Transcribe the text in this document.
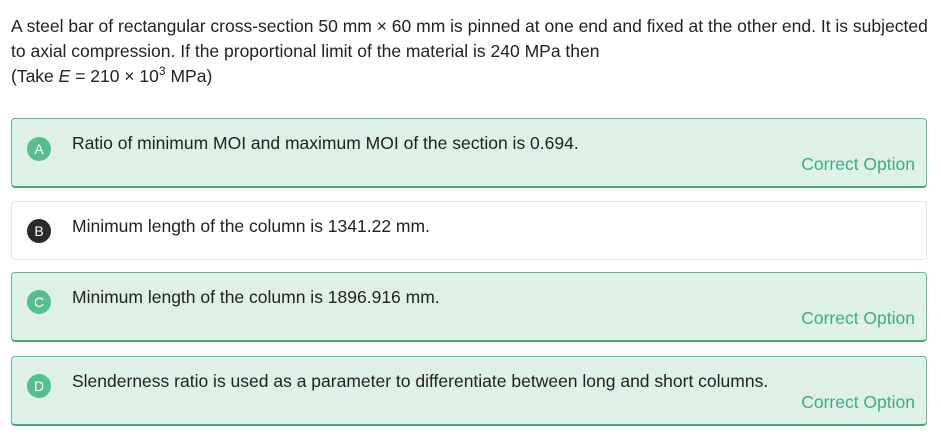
A steel bar of rectangular cross-section 50 mm × 60 mm is pinned at one end and fixed at the other end. It is subjected
to axial compression. If the proportional limit of the material is 240 MPa then
(Take $E = 210 \times 10^3$ MPa)
A	Ratio of minimum MOI and maximum MOI of the section is 0.694.
Correct Option
B	Minimum length of the column is 1341.22 mm.
C	Minimum length of the column is 1896.916 mm.
Correct Option
D	Slenderness ratio is used as a parameter to differentiate between long and short columns.
Correct Option
